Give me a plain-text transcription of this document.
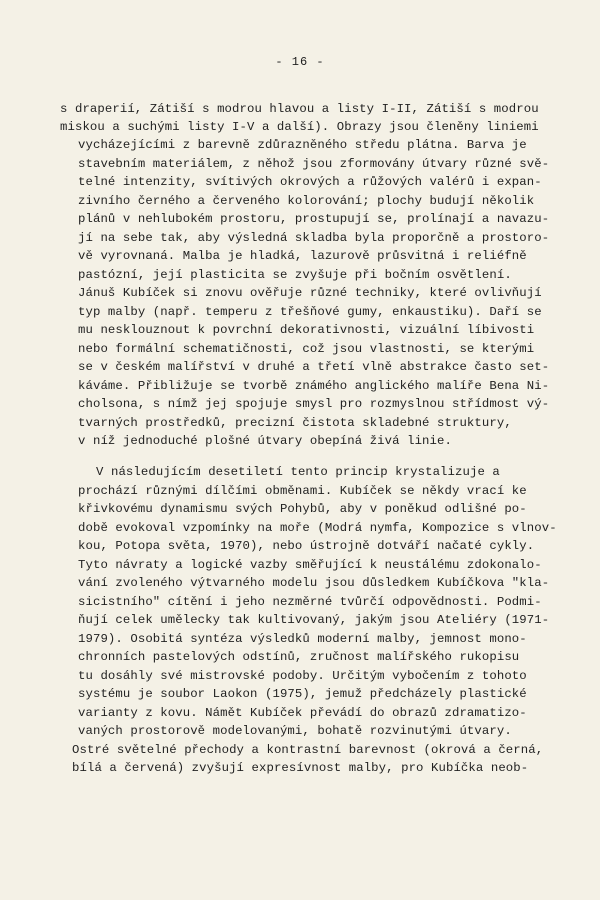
- 16 -
s draperií, Zátiší s modrou hlavou a listy I-II, Zátiší s modrou
miskou a suchými listy I-V a další). Obrazy jsou členěny liniemi
vycházejícími z barevně zdůrazněného středu plátna. Barva je
stavebním materiálem, z něhož jsou zformovány útvary různé svě-
telné intenzity, svítivých okrových a růžových valérů i expan-
zivního černého a červeného kolorování; plochy budují několik
plánů v nehlubokém prostoru, prostupují se, prolínají a navazu-
jí na sebe tak, aby výsledná skladba byla proporčně a prostoro-
vě vyrovnaná. Malba je hladká, lazurově průsvitná i reliéfně
pastózní, její plasticita se zvyšuje při bočním osvětlení.
Jánuš Kubíček si znovu ověřuje různé techniky, které ovlivňují
typ malby (např. temperu z třešňové gumy, enkaustiku). Daří se
mu nesklouznout k povrchní dekorativnosti, vizuální líbivosti
nebo formální schematičnosti, což jsou vlastnosti, se kterými
se v českém malířství v druhé a třetí vlně abstrakce často set-
káváme. Přibližuje se tvorbě známého anglického malíře Bena Ni-
cholsona, s nímž jej spojuje smysl pro rozmyslnou střídmost vý-
tvarných prostředků, precizní čistota skladebné struktury,
v níž jednoduché plošné útvary obepíná živá linie.
V následujícím desetiletí tento princip krystalizuje a
prochází různými dílčími obměnami. Kubíček se někdy vrací ke
křivkovému dynamismu svých Pohybů, aby v poněkud odlišné po-
době evokoval vzpomínky na moře (Modrá nymfa, Kompozice s vlnov-
kou, Potopa světa, 1970), nebo ústrojně dotváří načaté cykly.
Tyto návraty a logické vazby směřující k neustálému zdokonalo-
vání zvoleného výtvarného modelu jsou důsledkem Kubíčkova "kla-
sicistního" cítění i jeho nezměrné tvůrčí odpovědnosti. Podmi-
ňují celek umělecky tak kultivovaný, jakým jsou Ateliéry (1971-
1979). Osobitá syntéza výsledků moderní malby, jemnost mono-
chronních pastelových odstínů, zručnost malířského rukopisu
tu dosáhly své mistrovské podoby. Určitým vybočením z tohoto
systému je soubor Laokon (1975), jemuž předcházely plastické
varianty z kovu. Námět Kubíček převádí do obrazů zdramatizo-
vaných prostorově modelovanými, bohatě rozvinutými útvary.
Ostré světelné přechody a kontrastní barevnost (okrová a černá,
bílá a červená) zvyšují expresívnost malby, pro Kubíčka neob-
